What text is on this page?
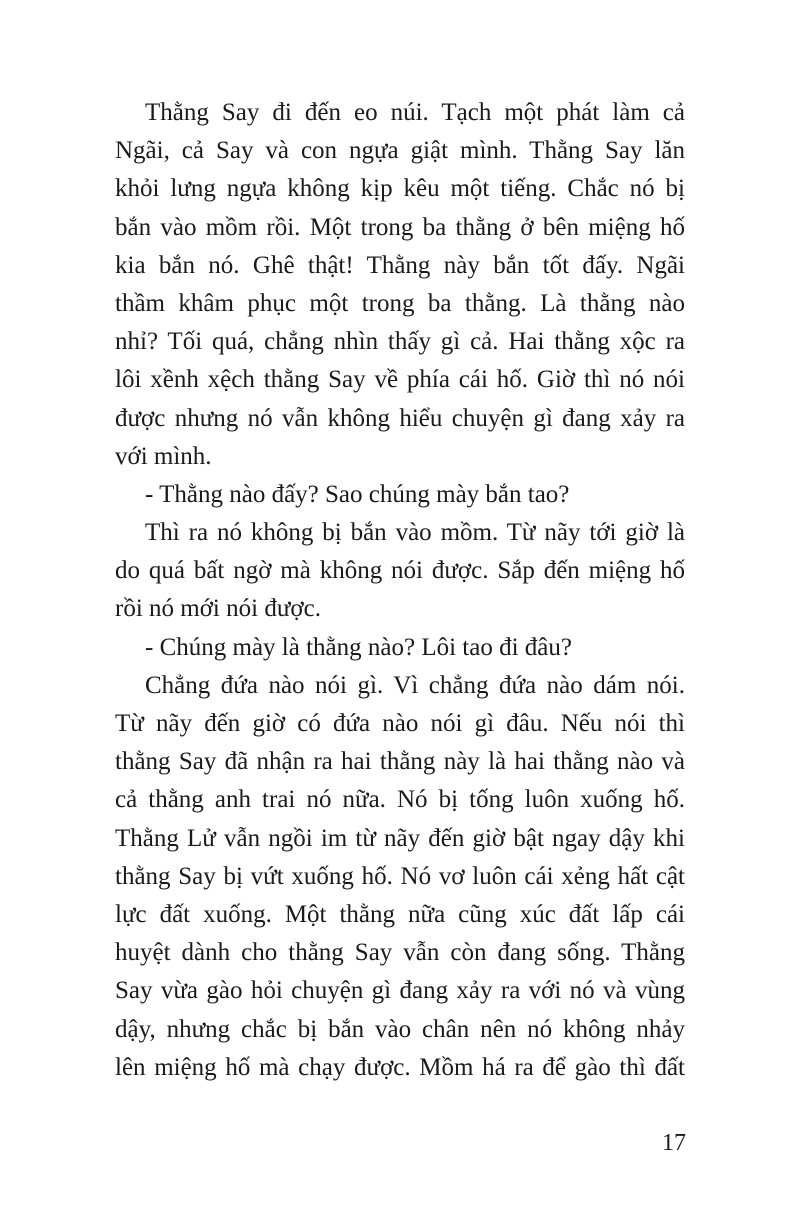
Thằng Say đi đến eo núi. Tạch một phát làm cả
Ngãi, cả Say và con ngựa giật mình. Thằng Say lăn
khỏi lưng ngựa không kịp kêu một tiếng. Chắc nó bị
bắn vào mồm rồi. Một trong ba thằng ở bên miệng hố
kia bắn nó. Ghê thật! Thằng này bắn tốt đấy. Ngãi
thầm khâm phục một trong ba thằng. Là thằng nào
nhỉ? Tối quá, chẳng nhìn thấy gì cả. Hai thằng xộc ra
lôi xềnh xệch thằng Say về phía cái hố. Giờ thì nó nói
được nhưng nó vẫn không hiểu chuyện gì đang xảy ra
với mình.
- Thằng nào đấy? Sao chúng mày bắn tao?
Thì ra nó không bị bắn vào mồm. Từ nãy tới giờ là
do quá bất ngờ mà không nói được. Sắp đến miệng hố
rồi nó mới nói được.
- Chúng mày là thằng nào? Lôi tao đi đâu?
Chẳng đứa nào nói gì. Vì chẳng đứa nào dám nói.
Từ nãy đến giờ có đứa nào nói gì đâu. Nếu nói thì
thằng Say đã nhận ra hai thằng này là hai thằng nào và
cả thằng anh trai nó nữa. Nó bị tống luôn xuống hố.
Thằng Lử vẫn ngồi im từ nãy đến giờ bật ngay dậy khi
thằng Say bị vứt xuống hố. Nó vơ luôn cái xẻng hất cật
lực đất xuống. Một thằng nữa cũng xúc đất lấp cái
huyệt dành cho thằng Say vẫn còn đang sống. Thằng
Say vừa gào hỏi chuyện gì đang xảy ra với nó và vùng
dậy, nhưng chắc bị bắn vào chân nên nó không nhảy
lên miệng hố mà chạy được. Mồm há ra để gào thì đất
17
